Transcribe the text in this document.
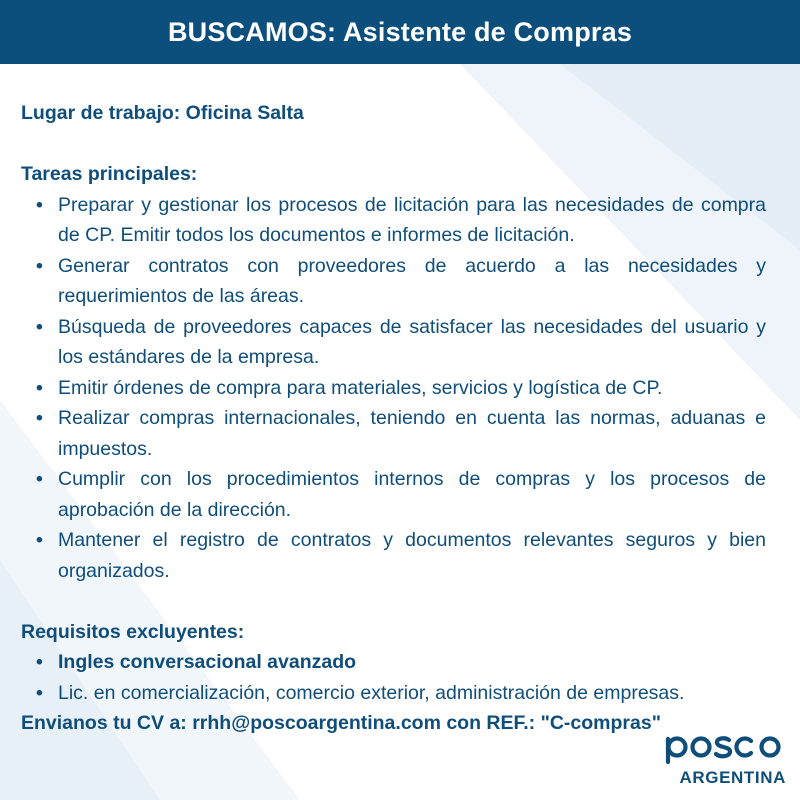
BUSCAMOS: Asistente de Compras

Lugar de trabajo: Oficina Salta

Tareas principales:

• Preparar y gestionar los procesos de licitación para las necesidades de compra de CP. Emitir todos los documentos e informes de licitación.
• Generar contratos con proveedores de acuerdo a las necesidades y requerimientos de las áreas.
• Búsqueda de proveedores capaces de satisfacer las necesidades del usuario y los estándares de la empresa.
• Emitir órdenes de compra para materiales, servicios y logística de CP.
• Realizar compras internacionales, teniendo en cuenta las normas, aduanas e impuestos.
• Cumplir con los procedimientos internos de compras y los procesos de aprobación de la dirección.
• Mantener el registro de contratos y documentos relevantes seguros y bien organizados.

Requisitos excluyentes:

• Ingles conversacional avanzado
• Lic. en comercialización, comercio exterior, administración de empresas.

Envianos tu CV a: rrhh@poscoargentina.com con REF.: "C-compras"

ARGENTINA
